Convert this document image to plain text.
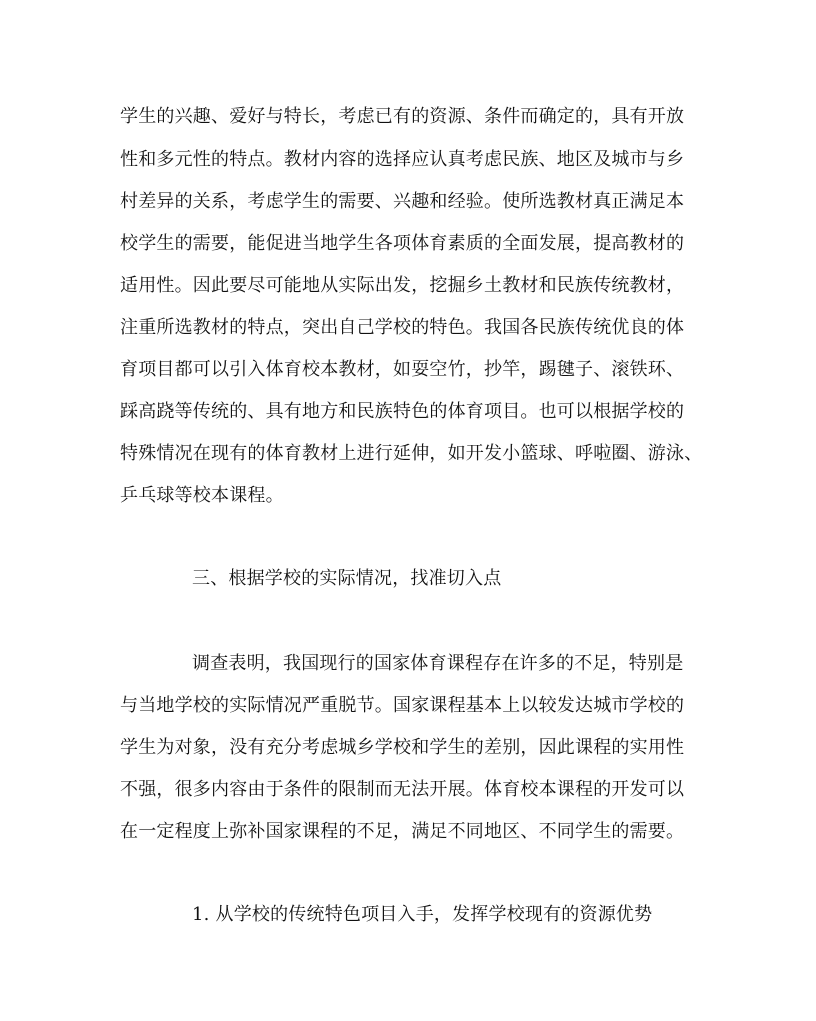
学生的兴趣、爱好与特长，考虑已有的资源、条件而确定的，具有开放
性和多元性的特点。教材内容的选择应认真考虑民族、地区及城市与乡
村差异的关系，考虑学生的需要、兴趣和经验。使所选教材真正满足本
校学生的需要，能促进当地学生各项体育素质的全面发展，提高教材的
适用性。因此要尽可能地从实际出发，挖掘乡土教材和民族传统教材，
注重所选教材的特点，突出自己学校的特色。我国各民族传统优良的体
育项目都可以引入体育校本教材，如耍空竹，抄竿，踢毽子、滚铁环、
踩高跷等传统的、具有地方和民族特色的体育项目。也可以根据学校的
特殊情况在现有的体育教材上进行延伸，如开发小篮球、呼啦圈、游泳、
乒乓球等校本课程。
三、根据学校的实际情况，找准切入点
调查表明，我国现行的国家体育课程存在许多的不足，特别是
与当地学校的实际情况严重脱节。国家课程基本上以较发达城市学校的
学生为对象，没有充分考虑城乡学校和学生的差别，因此课程的实用性
不强，很多内容由于条件的限制而无法开展。体育校本课程的开发可以
在一定程度上弥补国家课程的不足，满足不同地区、不同学生的需要。
1. 从学校的传统特色项目入手，发挥学校现有的资源优势
